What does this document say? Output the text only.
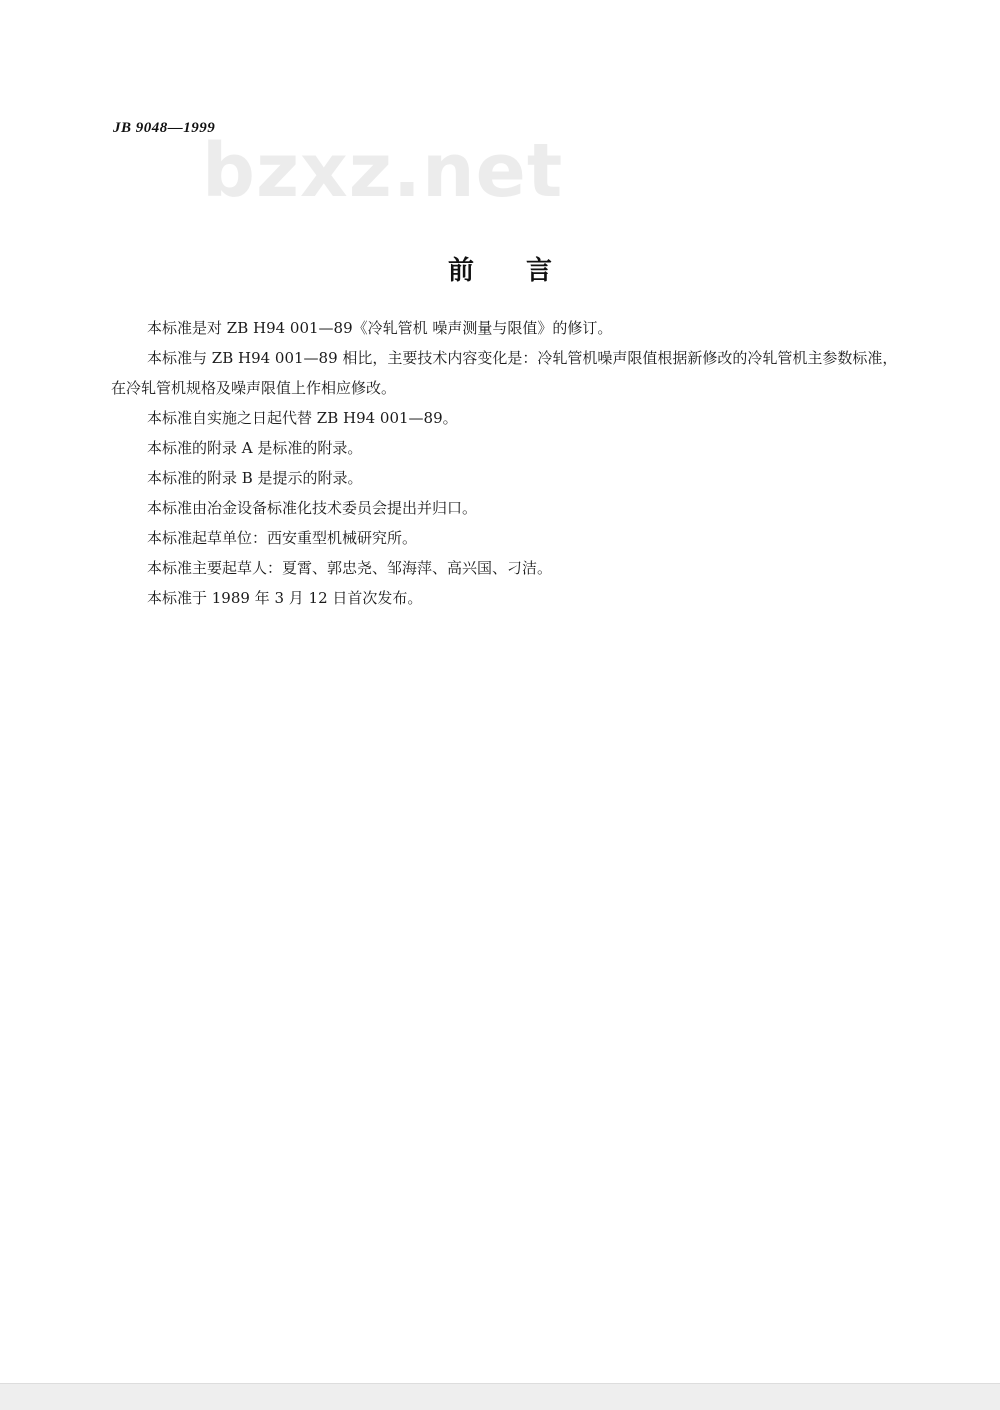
JB 9048—1999
bzxz.net
前言

本标准是对 ZB H94 001—89《冷轧管机 噪声测量与限值》的修订。

本标准与 ZB H94 001—89 相比，主要技术内容变化是：冷轧管机噪声限值根据新修改的冷轧管机主参数标准，在冷轧管机规格及噪声限值上作相应修改。

本标准自实施之日起代替 ZB H94 001—89。

本标准的附录 A 是标准的附录。

本标准的附录 B 是提示的附录。

本标准由冶金设备标准化技术委员会提出并归口。

本标准起草单位：西安重型机械研究所。

本标准主要起草人：夏霄、郭忠尧、邹海萍、高兴国、刁洁。

本标准于 1989 年 3 月 12 日首次发布。
